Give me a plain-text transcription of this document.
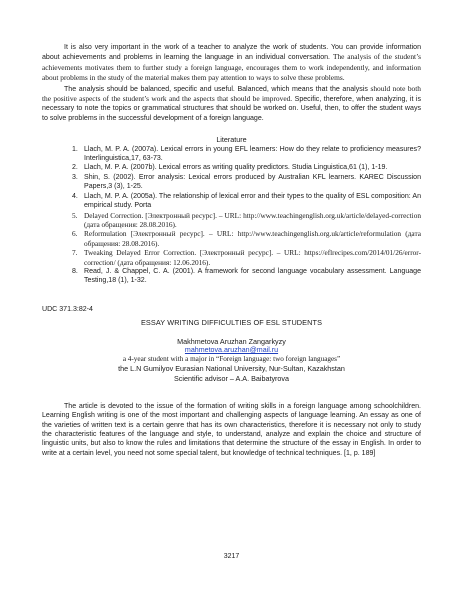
It is also very important in the work of a teacher to analyze the work of students. You can provide information about achievements and problems in learning the language in an individual conversation. The analysis of the student’s achievements motivates them to further study a foreign language, encourages them to work independently, and information about problems in the study of the material makes them pay attention to ways to solve these problems.

The analysis should be balanced, specific and useful. Balanced, which means that the analysis should note both the positive aspects of the student’s work and the aspects that should be improved. Specific, therefore, when analyzing, it is necessary to note the topics or grammatical structures that should be worked on. Useful, then, to offer the student ways to solve problems in the successful development of a foreign language.

Literature
1. Llach, M. P. A. (2007a). Lexical errors in young EFL learners: How do they relate to proficiency measures? Interlinguistica,17, 63-73.
2. Llach, M. P. A. (2007b). Lexical errors as writing quality predictors. Studia Linguistica,61 (1), 1-19.
3. Shin, S. (2002). Error analysis: Lexical errors produced by Australian KFL learners. KAREC Discussion Papers,3 (3), 1-25.
4. Llach, M. P. A. (2005a). The relationship of lexical error and their types to the quality of ESL composition: An empirical study. Porta
5. Delayed Correction. [Электронный ресурс]. – URL: http://www.teachingenglish.org.uk/article/delayed-correction (дата обращения: 28.08.2016).
6. Reformulation [Электронный ресурс]. – URL: http://www.teachingenglish.org.uk/article/reformulation (дата обращения: 28.08.2016).
7. Tweaking Delayed Error Correction. [Электронный ресурс]. – URL: https://eflrecipes.com/2014/01/26/error-correction/ (дата обращения: 12.06.2016).
8. Read, J. & Chappel, C. A. (2001). A framework for second language vocabulary assessment. Language Testing,18 (1), 1-32.
UDC 371.3:82-4
ESSAY WRITING DIFFICULTIES OF ESL STUDENTS
Makhmetova Aruzhan Zangarkyzy
mahmetova.aruzhan@mail.ru
a 4-year student with a major in “Foreign language: two foreign languages”
the L.N Gumilyov Eurasian National University, Nur-Sultan, Kazakhstan
Scientific advisor – A.A. Baibatyrova

The article is devoted to the issue of the formation of writing skills in a foreign language among schoolchildren. Learning English writing is one of the most important and challenging aspects of language learning. An essay as one of the varieties of written text is a certain genre that has its own characteristics, therefore it is necessary not only to study the characteristic features of the language and style, to understand, analyze and explain the choice and structure of linguistic units, but also to know the rules and limitations that determine the structure of the essay in English. In order to write at a certain level, you need not some special talent, but knowledge of technical techniques. [1, p. 189]

3217
